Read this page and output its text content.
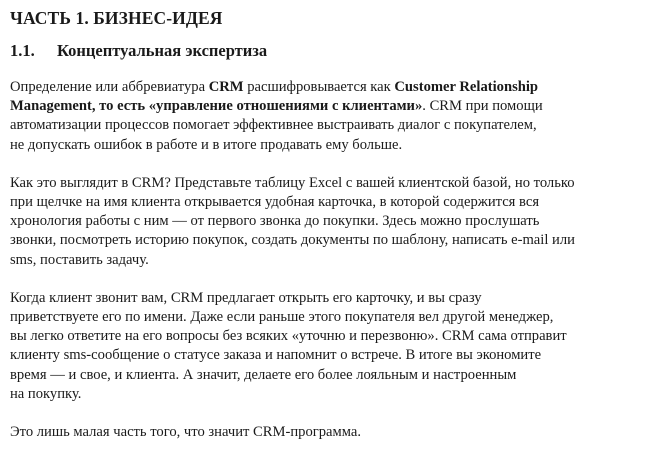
ЧАСТЬ 1. БИЗНЕС-ИДЕЯ
1.1. Концептуальная экспертиза

Определение или аббревиатура CRM расшифровывается как Customer Relationship
Management, то есть «управление отношениями с клиентами». CRM при помощи
автоматизации процессов помогает эффективнее выстраивать диалог с покупателем,
не допускать ошибок в работе и в итоге продавать ему больше.

Как это выглядит в CRM? Представьте таблицу Excel с вашей клиентской базой, но только
при щелчке на имя клиента открывается удобная карточка, в которой содержится вся
хронология работы с ним — от первого звонка до покупки. Здесь можно прослушать
звонки, посмотреть историю покупок, создать документы по шаблону, написать e-mail или
sms, поставить задачу.

Когда клиент звонит вам, CRM предлагает открыть его карточку, и вы сразу
приветствуете его по имени. Даже если раньше этого покупателя вел другой менеджер,
вы легко ответите на его вопросы без всяких «уточню и перезвоню». CRM сама отправит
клиенту sms-сообщение о статусе заказа и напомнит о встрече. В итоге вы экономите
время — и свое, и клиента. А значит, делаете его более лояльным и настроенным
на покупку.

Это лишь малая часть того, что значит CRM-программа.
